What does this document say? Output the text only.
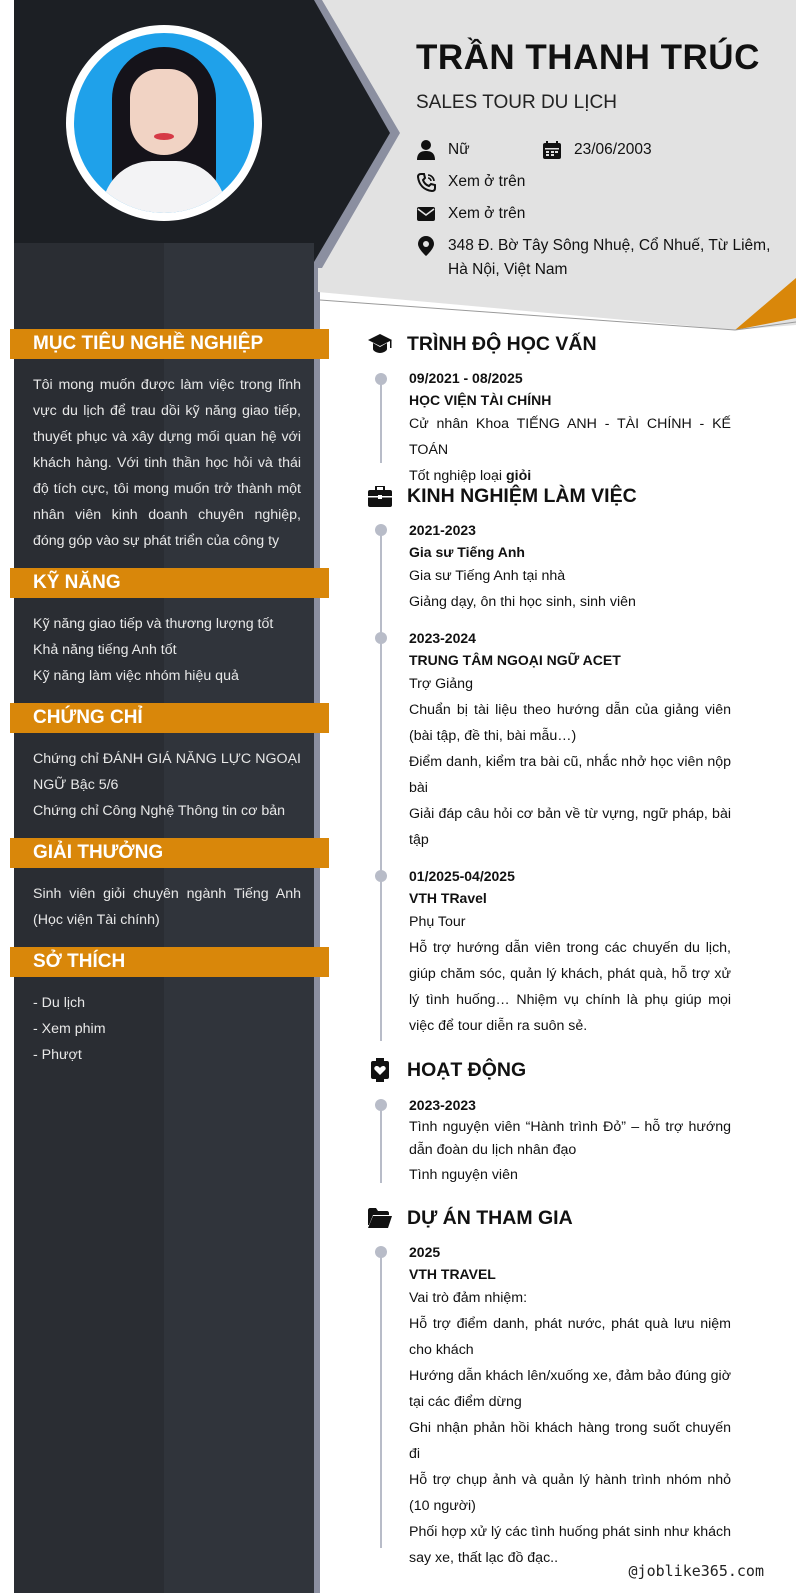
TRẦN THANH TRÚC
SALES TOUR DU LỊCH
Nữ	23/06/2003
Xem ở trên
Xem ở trên
348 Đ. Bờ Tây Sông Nhuệ, Cổ Nhuế, Từ Liêm, Hà Nội, Việt Nam
MỤC TIÊU NGHỀ NGHIỆP
Tôi mong muốn được làm việc trong lĩnh vực du lịch để trau dồi kỹ năng giao tiếp, thuyết phục và xây dựng mối quan hệ với khách hàng. Với tinh thần học hỏi và thái độ tích cực, tôi mong muốn trở thành một nhân viên kinh doanh chuyên nghiệp, đóng góp vào sự phát triển của công ty
KỸ NĂNG
Kỹ năng giao tiếp và thương lượng tốt
Khả năng tiếng Anh tốt
Kỹ năng làm việc nhóm hiệu quả
CHỨNG CHỈ
Chứng chỉ ĐÁNH GIÁ NĂNG LỰC NGOẠI NGỮ Bậc 5/6
Chứng chỉ Công Nghệ Thông tin cơ bản
GIẢI THƯỞNG
Sinh viên giỏi chuyên ngành Tiếng Anh (Học viện Tài chính)
SỞ THÍCH
- Du lịch
- Xem phim
- Phượt
TRÌNH ĐỘ HỌC VẤN
09/2021 - 08/2025
HỌC VIỆN TÀI CHÍNH
Cử nhân Khoa TIẾNG ANH - TÀI CHÍNH - KẾ TOÁN
Tốt nghiệp loại giỏi
KINH NGHIỆM LÀM VIỆC
2021-2023
Gia sư Tiếng Anh
Gia sư Tiếng Anh tại nhà
Giảng dạy, ôn thi học sinh, sinh viên
2023-2024
TRUNG TÂM NGOẠI NGỮ ACET
Trợ Giảng
Chuẩn bị tài liệu theo hướng dẫn của giảng viên (bài tập, đề thi, bài mẫu…)
Điểm danh, kiểm tra bài cũ, nhắc nhở học viên nộp bài
Giải đáp câu hỏi cơ bản về từ vựng, ngữ pháp, bài tập
01/2025-04/2025
VTH TRavel
Phụ Tour
Hỗ trợ hướng dẫn viên trong các chuyến du lịch, giúp chăm sóc, quản lý khách, phát quà, hỗ trợ xử lý tình huống… Nhiệm vụ chính là phụ giúp mọi việc để tour diễn ra suôn sẻ.
HOẠT ĐỘNG
2023-2023
Tình nguyện viên “Hành trình Đỏ” – hỗ trợ hướng dẫn đoàn du lịch nhân đạo
Tình nguyện viên
DỰ ÁN THAM GIA
2025
VTH TRAVEL
Vai trò đảm nhiệm:
Hỗ trợ điểm danh, phát nước, phát quà lưu niệm cho khách
Hướng dẫn khách lên/xuống xe, đảm bảo đúng giờ tại các điểm dừng
Ghi nhận phản hồi khách hàng trong suốt chuyến đi
Hỗ trợ chụp ảnh và quản lý hành trình nhóm nhỏ (10 người)
Phối hợp xử lý các tình huống phát sinh như khách say xe, thất lạc đồ đạc..
@joblike365.com
